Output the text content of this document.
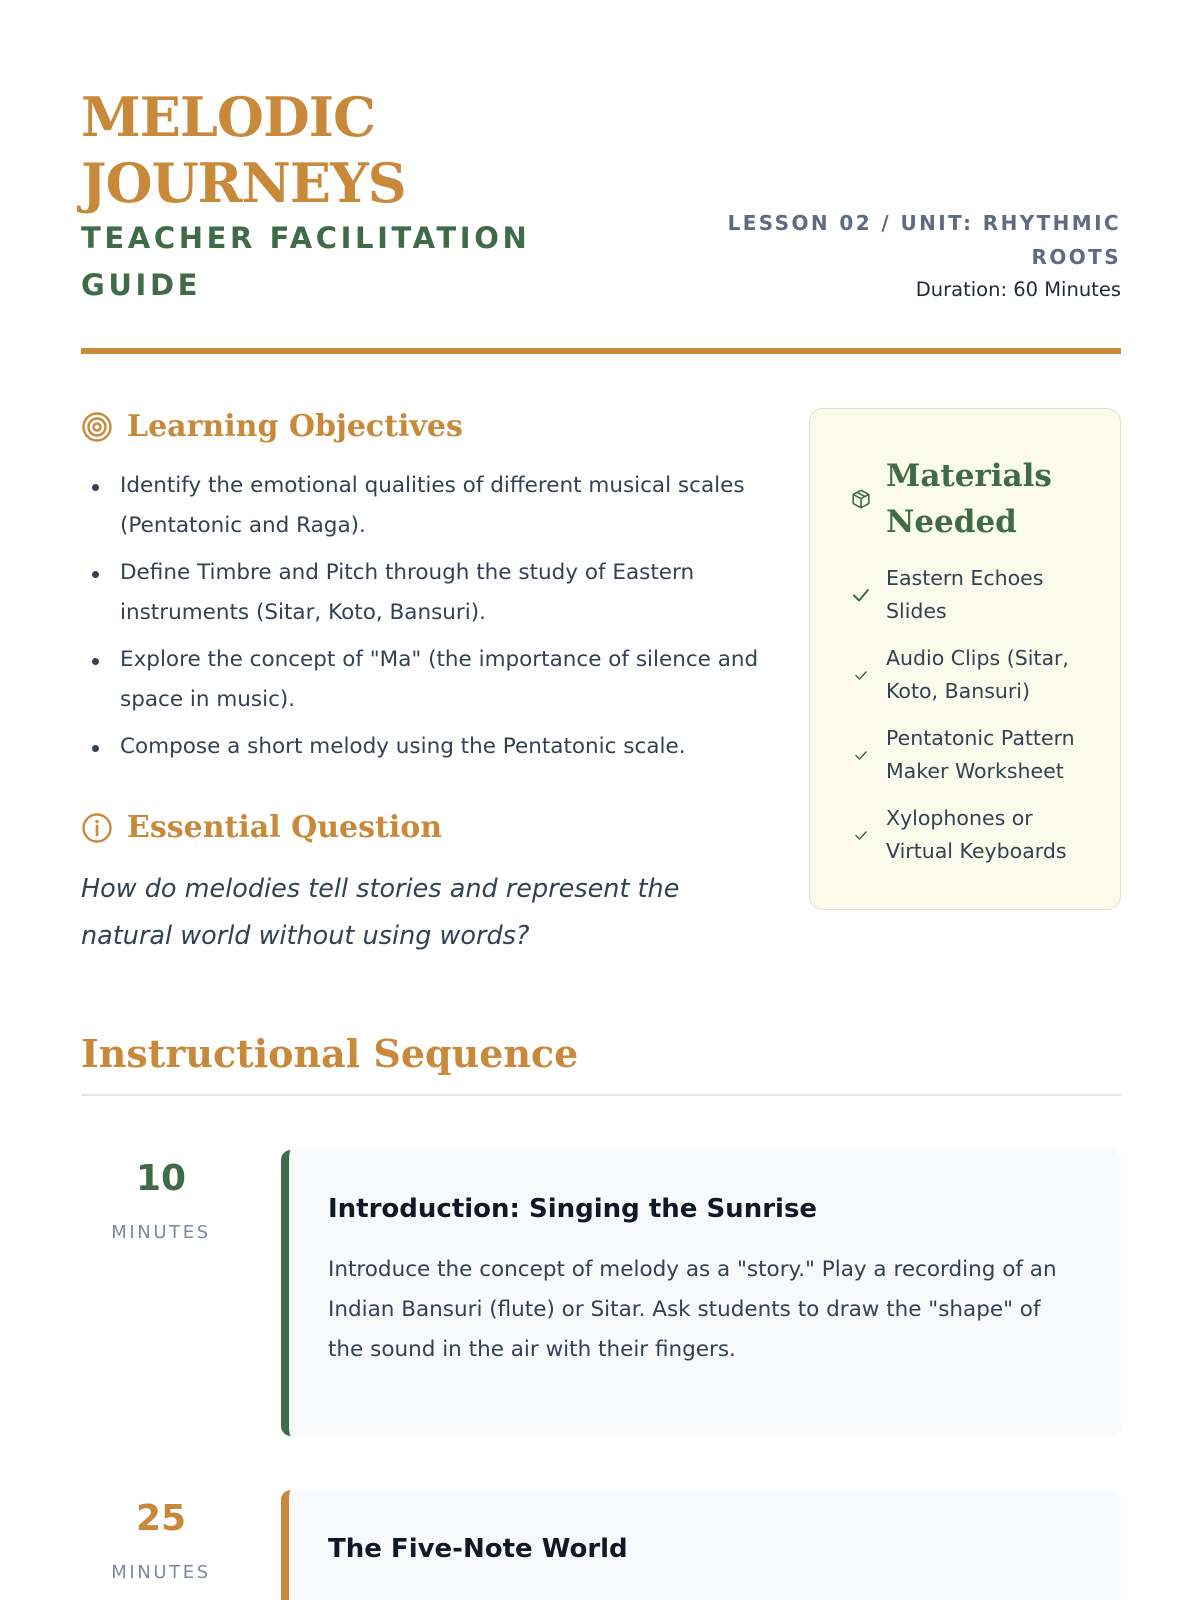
MELODIC JOURNEYS
TEACHER FACILITATION GUIDE
LESSON 02 / UNIT: RHYTHMIC ROOTS
Duration: 60 Minutes
Learning Objectives
Identify the emotional qualities of different musical scales (Pentatonic and Raga).
Define Timbre and Pitch through the study of Eastern instruments (Sitar, Koto, Bansuri).
Explore the concept of "Ma" (the importance of silence and space in music).
Compose a short melody using the Pentatonic scale.
Essential Question

How do melodies tell stories and represent the natural world without using words?

Materials Needed
Eastern Echoes Slides
Audio Clips (Sitar, Koto, Bansuri)
Pentatonic Pattern Maker Worksheet
Xylophones or Virtual Keyboards
Instructional Sequence
10
MINUTES
Introduction: Singing the Sunrise

Introduce the concept of melody as a "story." Play a recording of an Indian Bansuri (flute) or Sitar. Ask students to draw the "shape" of the sound in the air with their fingers.

25
MINUTES
The Five-Note World
